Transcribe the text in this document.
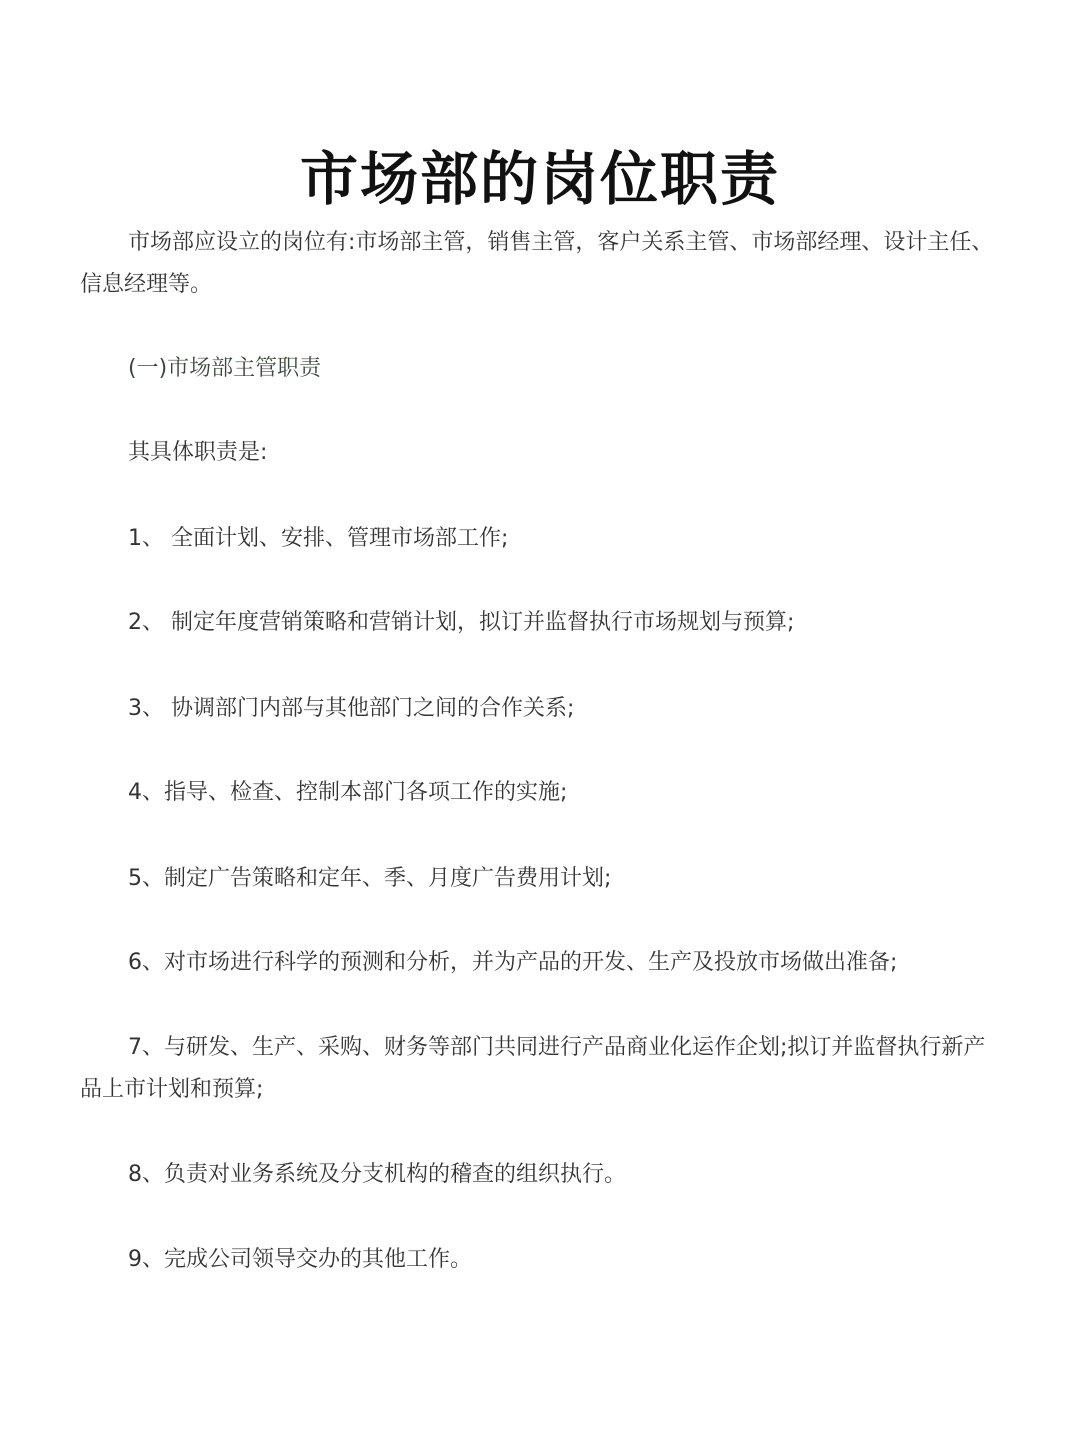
市场部的岗位职责

市场部应设立的岗位有:市场部主管，销售主管，客户关系主管、市场部经理、设计主任、信息经理等。

(一)市场部主管职责

其具体职责是:

1、 全面计划、安排、管理市场部工作;

2、 制定年度营销策略和营销计划，拟订并监督执行市场规划与预算;

3、 协调部门内部与其他部门之间的合作关系;

4、指导、检查、控制本部门各项工作的实施;

5、制定广告策略和定年、季、月度广告费用计划;

6、对市场进行科学的预测和分析，并为产品的开发、生产及投放市场做出准备;

7、与研发、生产、采购、财务等部门共同进行产品商业化运作企划;拟订并监督执行新产品上市计划和预算;

8、负责对业务系统及分支机构的稽查的组织执行。

9、完成公司领导交办的其他工作。
